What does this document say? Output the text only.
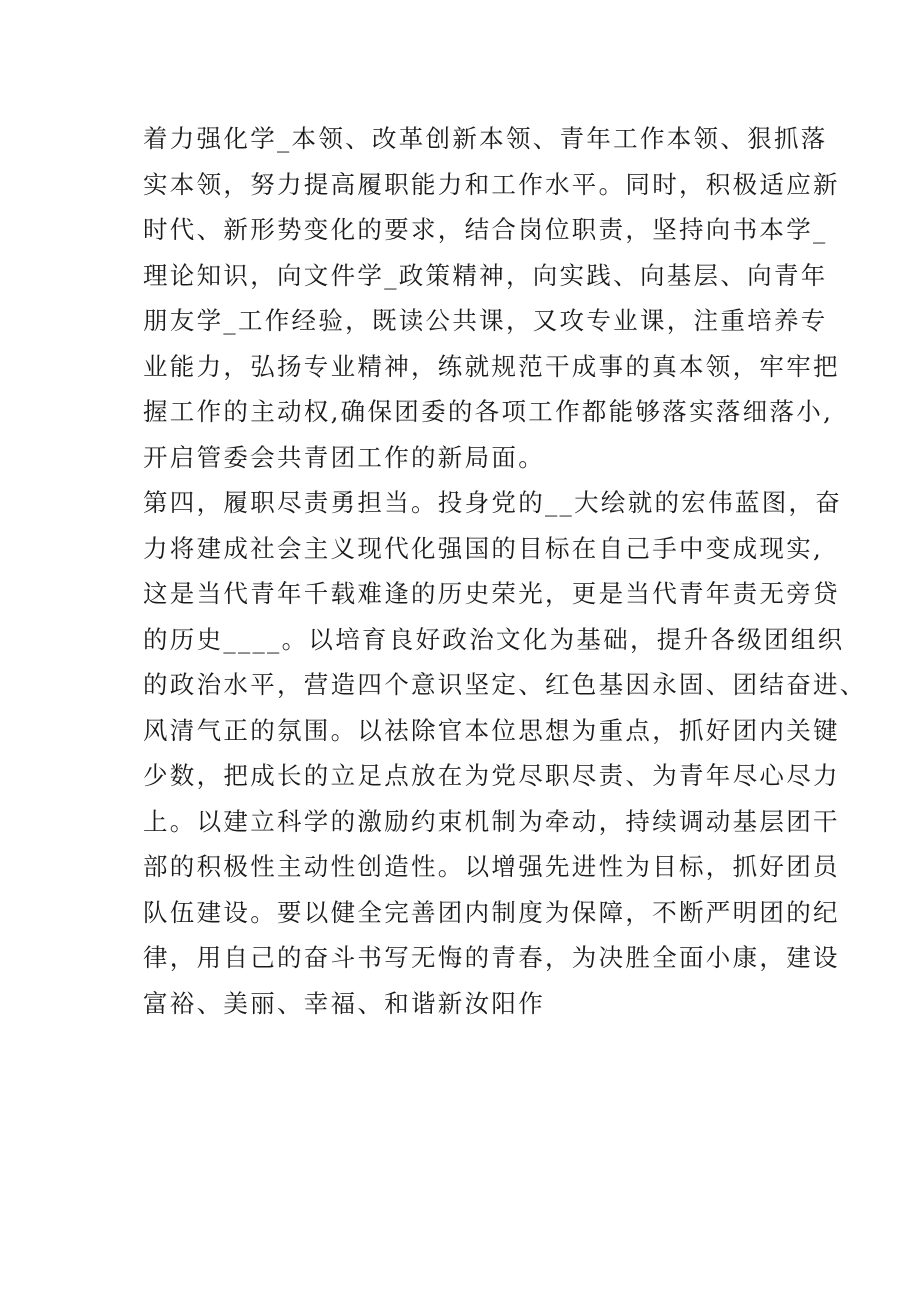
着力强化学_本领、改革创新本领、青年工作本领、狠抓落
实本领，努力提高履职能力和工作水平。同时，积极适应新
时代、新形势变化的要求，结合岗位职责，坚持向书本学_
理论知识，向文件学_政策精神，向实践、向基层、向青年
朋友学_工作经验，既读公共课，又攻专业课，注重培养专
业能力，弘扬专业精神，练就规范干成事的真本领，牢牢把
握工作的主动权,确保团委的各项工作都能够落实落细落小,
开启管委会共青团工作的新局面。
第四，履职尽责勇担当。投身党的__大绘就的宏伟蓝图，奋
力将建成社会主义现代化强国的目标在自己手中变成现实,
这是当代青年千载难逢的历史荣光，更是当代青年责无旁贷
的历史____。以培育良好政治文化为基础，提升各级团组织
的政治水平，营造四个意识坚定、红色基因永固、团结奋进、
风清气正的氛围。以祛除官本位思想为重点，抓好团内关键
少数，把成长的立足点放在为党尽职尽责、为青年尽心尽力
上。以建立科学的激励约束机制为牵动，持续调动基层团干
部的积极性主动性创造性。以增强先进性为目标，抓好团员
队伍建设。要以健全完善团内制度为保障，不断严明团的纪
律，用自己的奋斗书写无悔的青春，为决胜全面小康，建设
富裕、美丽、幸福、和谐新汝阳作
